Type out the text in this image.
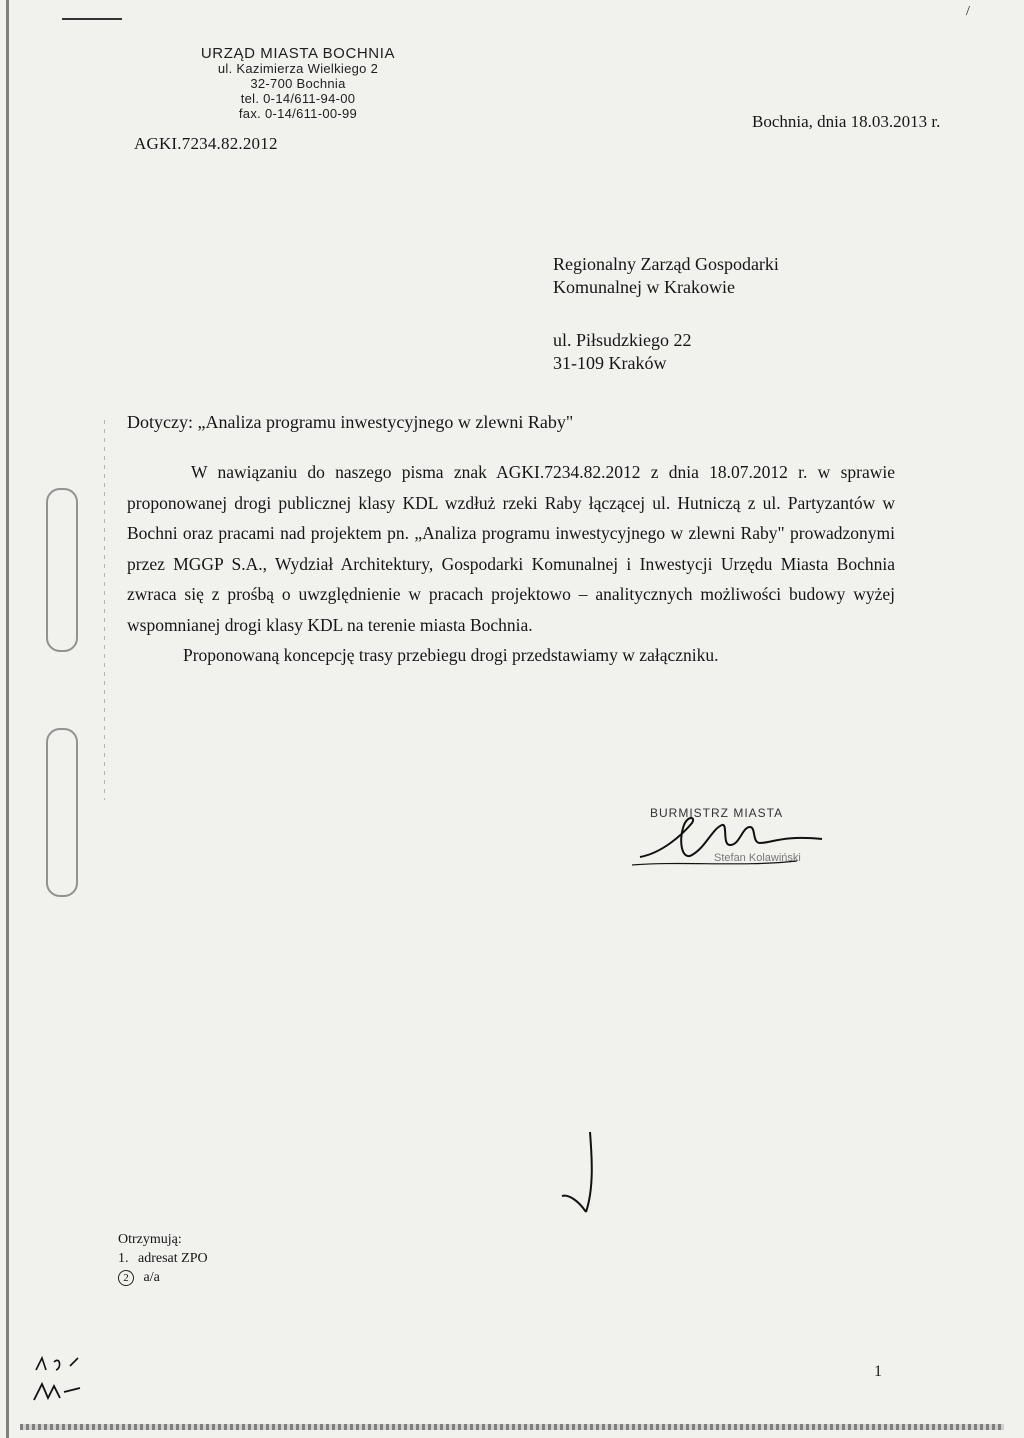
/
URZĄD MIASTA BOCHNIA
ul. Kazimierza Wielkiego 2
32-700 Bochnia
tel. 0-14/611-94-00
fax. 0-14/611-00-99
AGKI.7234.82.2012
Bochnia, dnia 18.03.2013 r.
Regionalny Zarząd Gospodarki
Komunalnej w Krakowie
ul. Piłsudzkiego 22
31-109 Kraków
Dotyczy: „Analiza programu inwestycyjnego w zlewni Raby"

W nawiązaniu do naszego pisma znak AGKI.7234.82.2012 z dnia 18.07.2012 r. w sprawie proponowanej drogi publicznej klasy KDL wzdłuż rzeki Raby łączącej ul. Hutniczą z ul. Partyzantów w Bochni oraz pracami nad projektem pn. „Analiza programu inwestycyjnego w zlewni Raby" prowadzonymi przez MGGP S.A., Wydział Architektury, Gospodarki Komunalnej i Inwestycji Urzędu Miasta Bochnia zwraca się z prośbą o uwzględnienie w pracach projektowo – analitycznych możliwości budowy wyżej wspomnianej drogi klasy KDL na terenie miasta Bochnia.

Proponowaną koncepcję trasy przebiegu drogi przedstawiamy w załączniku.

BURMISTRZ MIASTA
Stefan Kolawiński
Otrzymują:
1. adresat ZPO
2 a/a
1
